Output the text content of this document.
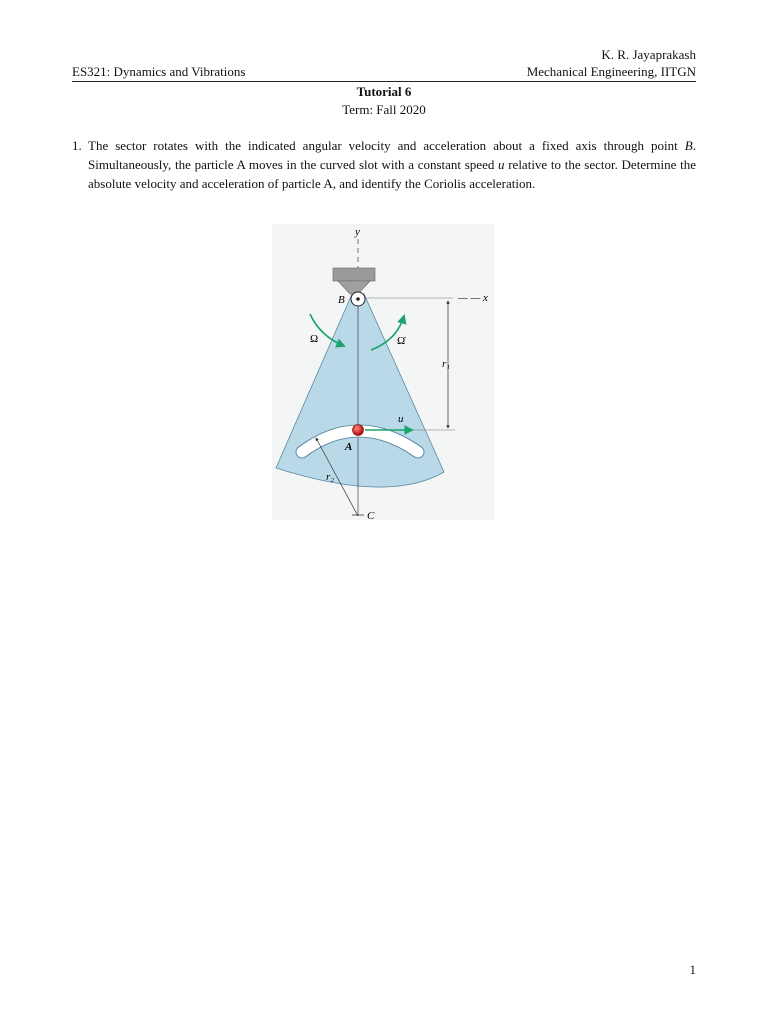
K. R. Jayaprakash
ES321: Dynamics and Vibrations	Mechanical Engineering, IITGN
Tutorial 6
Term: Fall 2020
1. The sector rotates with the indicated angular velocity and acceleration about a fixed axis through point B. Simultaneously, the particle A moves in the curved slot with a constant speed u relative to the sector. Determine the absolute velocity and acceleration of particle A, and identify the Coriolis acceleration.
y
B	— — x
r₁
Ω	Ω̇
A
u
r₂
C
1
